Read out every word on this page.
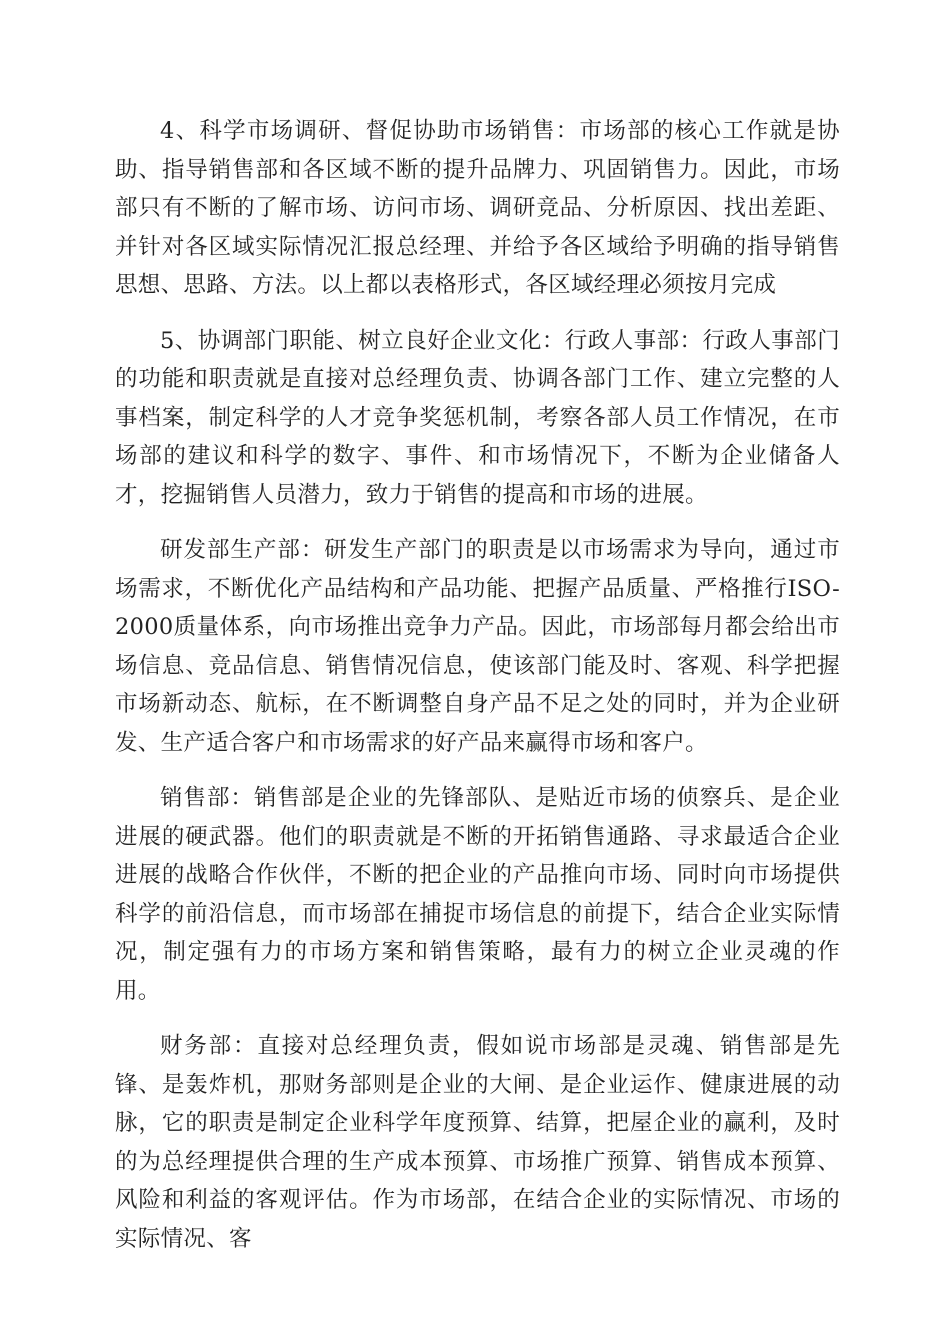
4、科学市场调研、督促协助市场销售：市场部的核心工作就是协助、指导销售部和各区域不断的提升品牌力、巩固销售力。因此，市场部只有不断的了解市场、访问市场、调研竞品、分析原因、找出差距、并针对各区域实际情况汇报总经理、并给予各区域给予明确的指导销售思想、思路、方法。以上都以表格形式，各区域经理必须按月完成

5、协调部门职能、树立良好企业文化：行政人事部：行政人事部门的功能和职责就是直接对总经理负责、协调各部门工作、建立完整的人事档案，制定科学的人才竞争奖惩机制，考察各部人员工作情况，在市场部的建议和科学的数字、事件、和市场情况下，不断为企业储备人才，挖掘销售人员潜力，致力于销售的提高和市场的进展。

研发部生产部：研发生产部门的职责是以市场需求为导向，通过市场需求，不断优化产品结构和产品功能、把握产品质量、严格推行ISO-2000质量体系，向市场推出竞争力产品。因此，市场部每月都会给出市场信息、竞品信息、销售情况信息，使该部门能及时、客观、科学把握市场新动态、航标，在不断调整自身产品不足之处的同时，并为企业研发、生产适合客户和市场需求的好产品来赢得市场和客户。

销售部：销售部是企业的先锋部队、是贴近市场的侦察兵、是企业进展的硬武器。他们的职责就是不断的开拓销售通路、寻求最适合企业进展的战略合作伙伴，不断的把企业的产品推向市场、同时向市场提供科学的前沿信息，而市场部在捕捉市场信息的前提下，结合企业实际情况，制定强有力的市场方案和销售策略，最有力的树立企业灵魂的作用。

财务部：直接对总经理负责，假如说市场部是灵魂、销售部是先锋、是轰炸机，那财务部则是企业的大闸、是企业运作、健康进展的动脉，它的职责是制定企业科学年度预算、结算，把屋企业的赢利，及时的为总经理提供合理的生产成本预算、市场推广预算、销售成本预算、风险和利益的客观评估。作为市场部，在结合企业的实际情况、市场的实际情况、客
